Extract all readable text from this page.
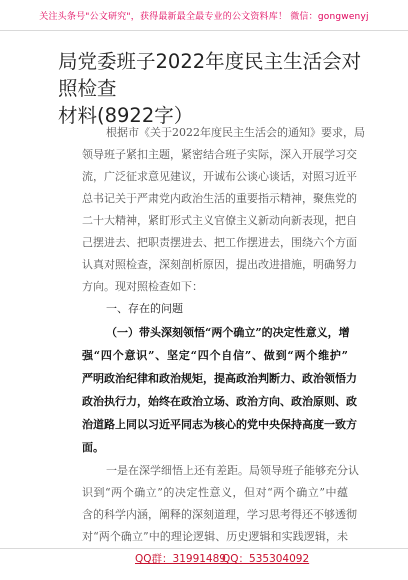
关注头条号"公文研究"，获得最新最全最专业的公文资料库！ 微信：gongwenyj
局党委班子2022年度民主生活会对照检查
材料(8922字）
根据市《关于2022年度民主生活会的通知》要求，局
领导班子紧扣主题，紧密结合班子实际，深入开展学习交
流，广泛征求意见建议，开诚布公谈心谈话，对照习近平
总书记关于严肃党内政治生活的重要指示精神，聚焦党的
二十大精神，紧盯形式主义官僚主义新动向新表现，把自
己摆进去、把职责摆进去、把工作摆进去，围绕六个方面
认真对照检查，深刻剖析原因，提出改进措施，明确努力
方向。现对照检查如下：
一、存在的问题
（一）带头深刻领悟“两个确立”的决定性意义，增
强“四个意识”、坚定“四个自信”、做到“两个维护”
严明政治纪律和政治规矩，提高政治判断力、政治领悟力
政治执行力，始终在政治立场、政治方向、政治原则、政
治道路上同以习近平同志为核心的党中央保持高度一致方
面。
一是在深学细悟上还有差距。局领导班子能够充分认
识到“两个确立”的决定性意义，但对“两个确立”中蕴
含的科学内涵，阐释的深刻道理，学习思考得还不够透彻
对“两个确立”中的理论逻辑、历史逻辑和实践逻辑，未
QQ群：31991489
QQ：535304092
